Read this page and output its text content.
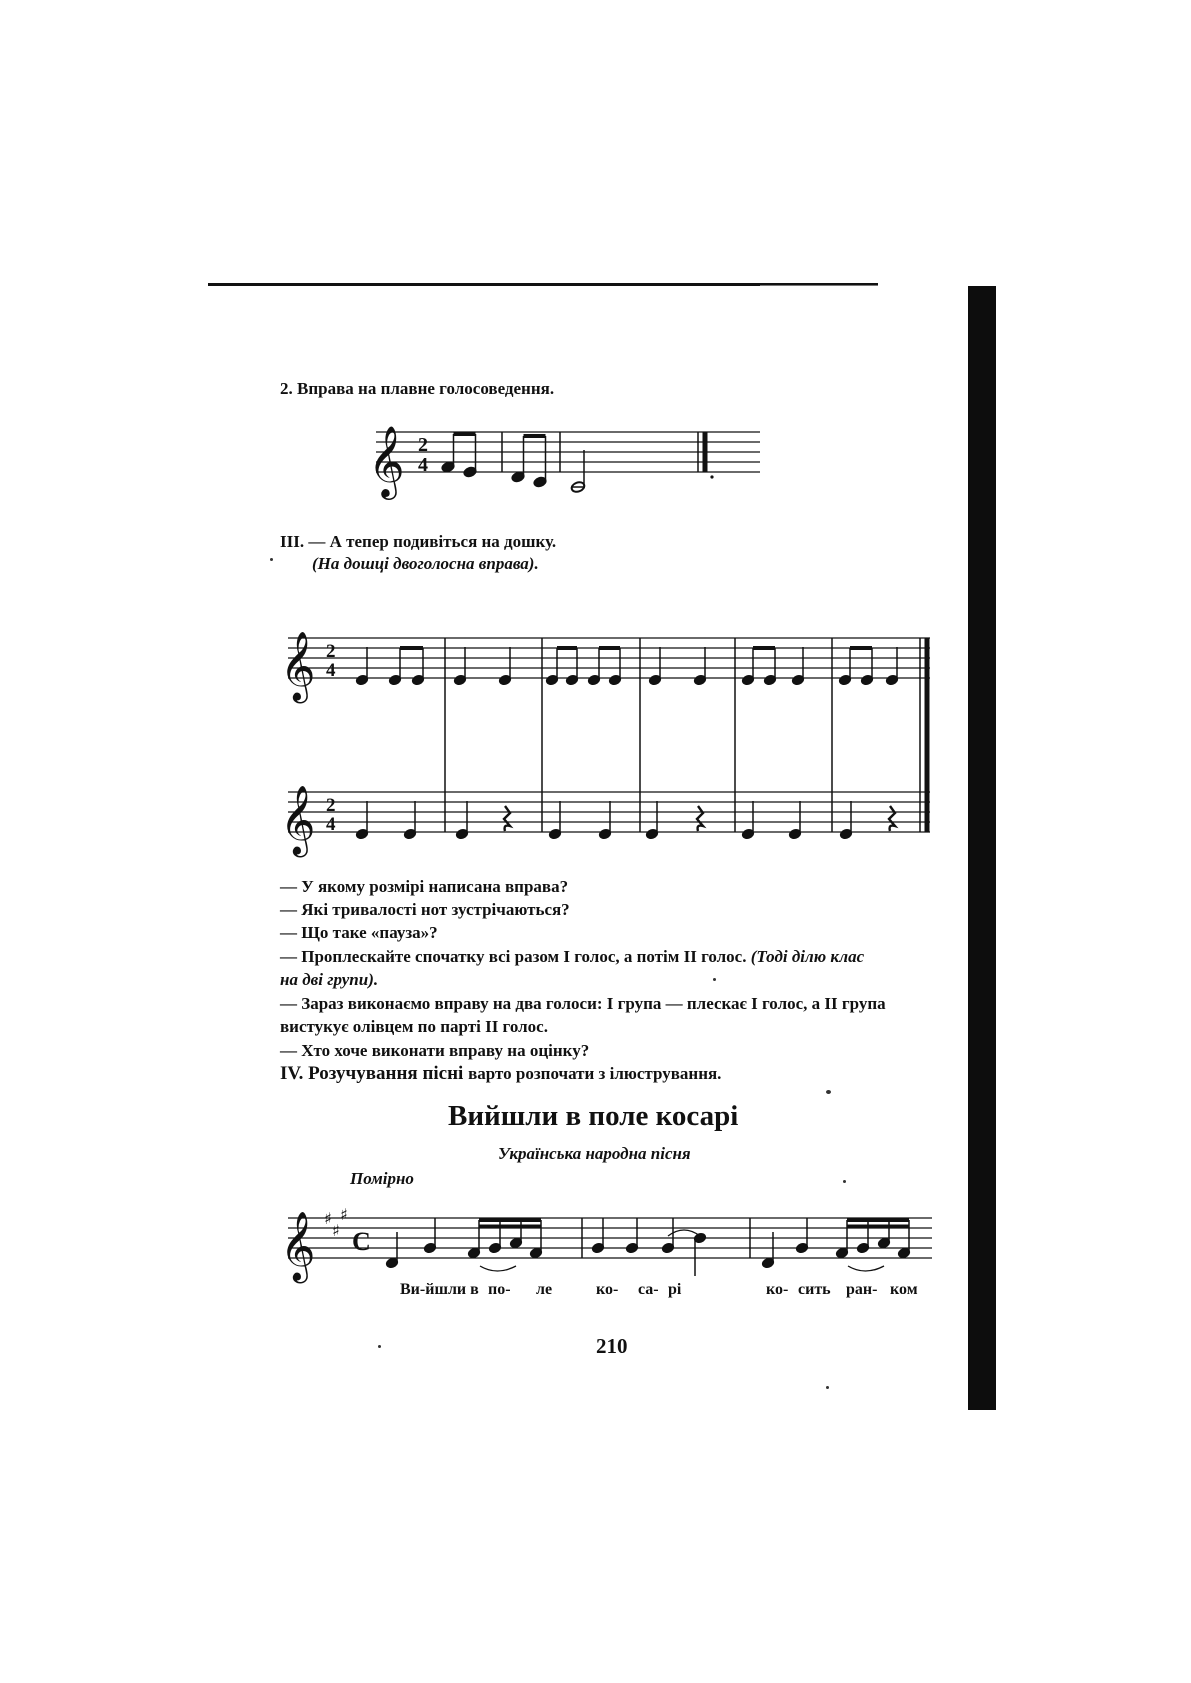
2. Вправа на плавне голосоведення.
𝄞 2
4
III. — А тепер подивіться на дошку.
(На дошці двоголосна вправа).
𝄞
𝄞
2
4
2
4
— У якому розмірі написана вправа?
— Які тривалості нот зустрічаються?
— Що таке «пауза»?
— Проплескайте спочатку всі разом І голос, а потім II голос. (Тоді ділю клас
на дві групи).
— Зараз виконаємо вправу на два голоси: І група — плескає І голос, а II група
вистукує олівцем по парті II голос.
— Хто хоче виконати вправу на оцінку?
IV. Розучування пісні варто розпочати з ілюстрування.
Вийшли в поле косарі
Українська народна пісня
Помірно
𝄞 ♯
♯
♯
C
Ви-йшли в по- ле	ко- са- рі	ко- сить ран- ком
210
